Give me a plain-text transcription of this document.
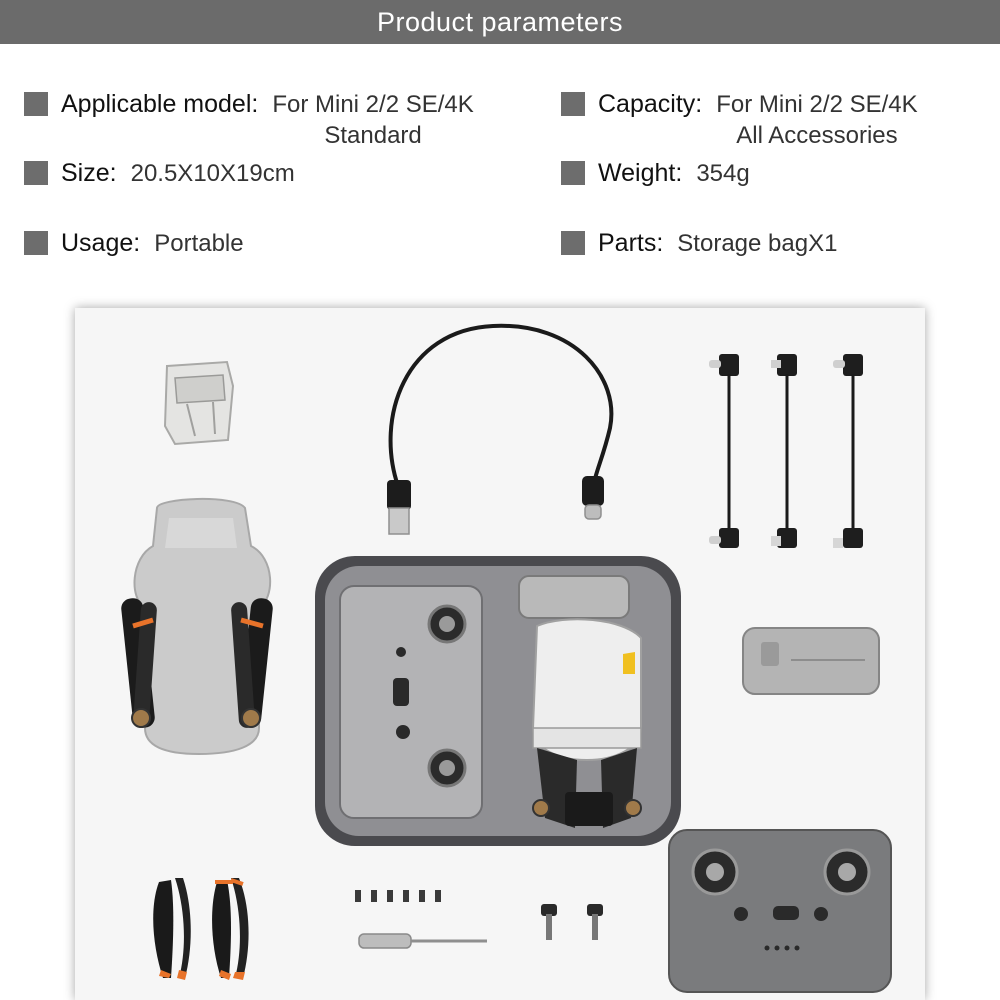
Product parameters
Applicable model: For Mini 2/2 SE/4K
Standard
Capacity: For Mini 2/2 SE/4K
All Accessories
Size: 20.5X10X19cm	Weight: 354g
Usage: Portable	Parts: Storage bagX1
